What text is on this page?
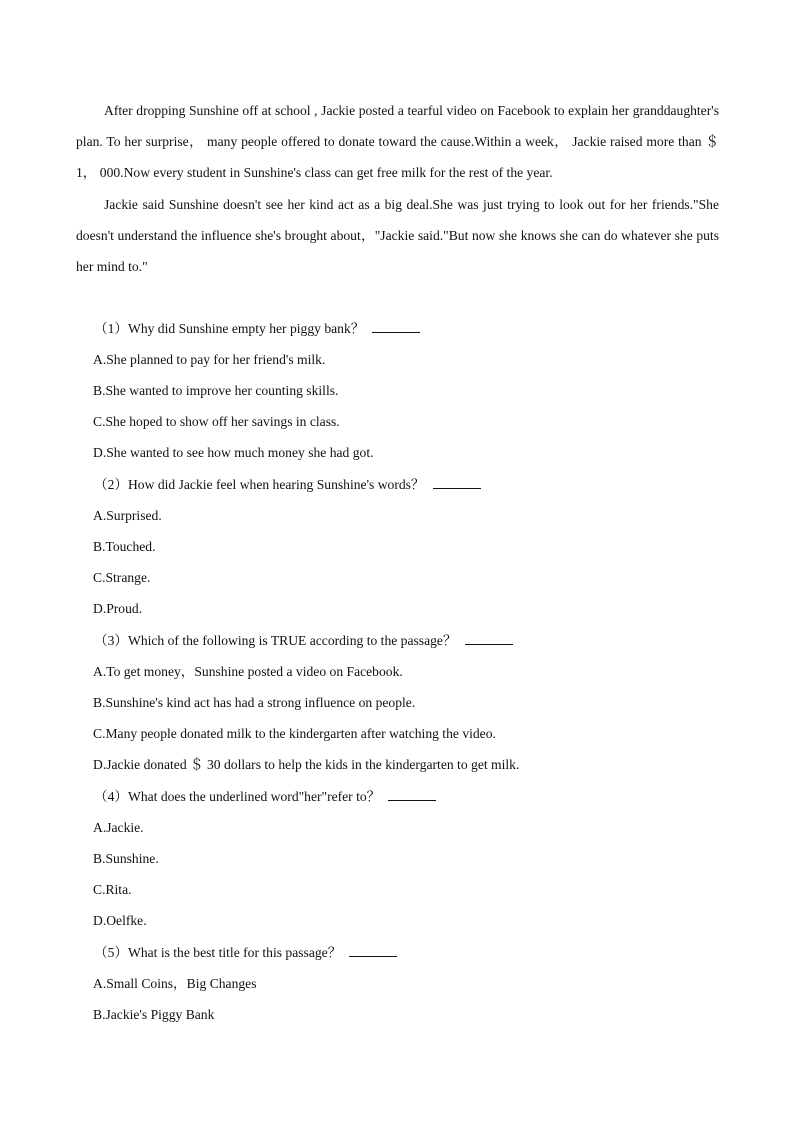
After dropping Sunshine off at school , Jackie posted a tearful video on Facebook to explain her granddaughter's plan. To her surprise， many people offered to donate toward the cause.Within a week， Jackie raised more than ＄ 1， 000.Now every student in Sunshine's class can get free milk for the rest of the year.

Jackie said Sunshine doesn't see her kind act as a big deal.She was just trying to look out for her friends."She doesn't understand the influence she's brought about，"Jackie said."But now she knows she can do whatever she puts her mind to."

（1）Why did Sunshine empty her piggy bank？
A.She planned to pay for her friend's milk.
B.She wanted to improve her counting skills.
C.She hoped to show off her savings in class.
D.She wanted to see how much money she had got.
（2）How did Jackie feel when hearing Sunshine's words？
A.Surprised.
B.Touched.
C.Strange.
D.Proud.
（3）Which of the following is TRUE according to the passage？
A.To get money，Sunshine posted a video on Facebook.
B.Sunshine's kind act has had a strong influence on people.
C.Many people donated milk to the kindergarten after watching the video.
D.Jackie donated ＄ 30 dollars to help the kids in the kindergarten to get milk.
（4）What does the underlined word"her"refer to？
A.Jackie.
B.Sunshine.
C.Rita.
D.Oelfke.
（5）What is the best title for this passage？
A.Small Coins，Big Changes
B.Jackie's Piggy Bank
